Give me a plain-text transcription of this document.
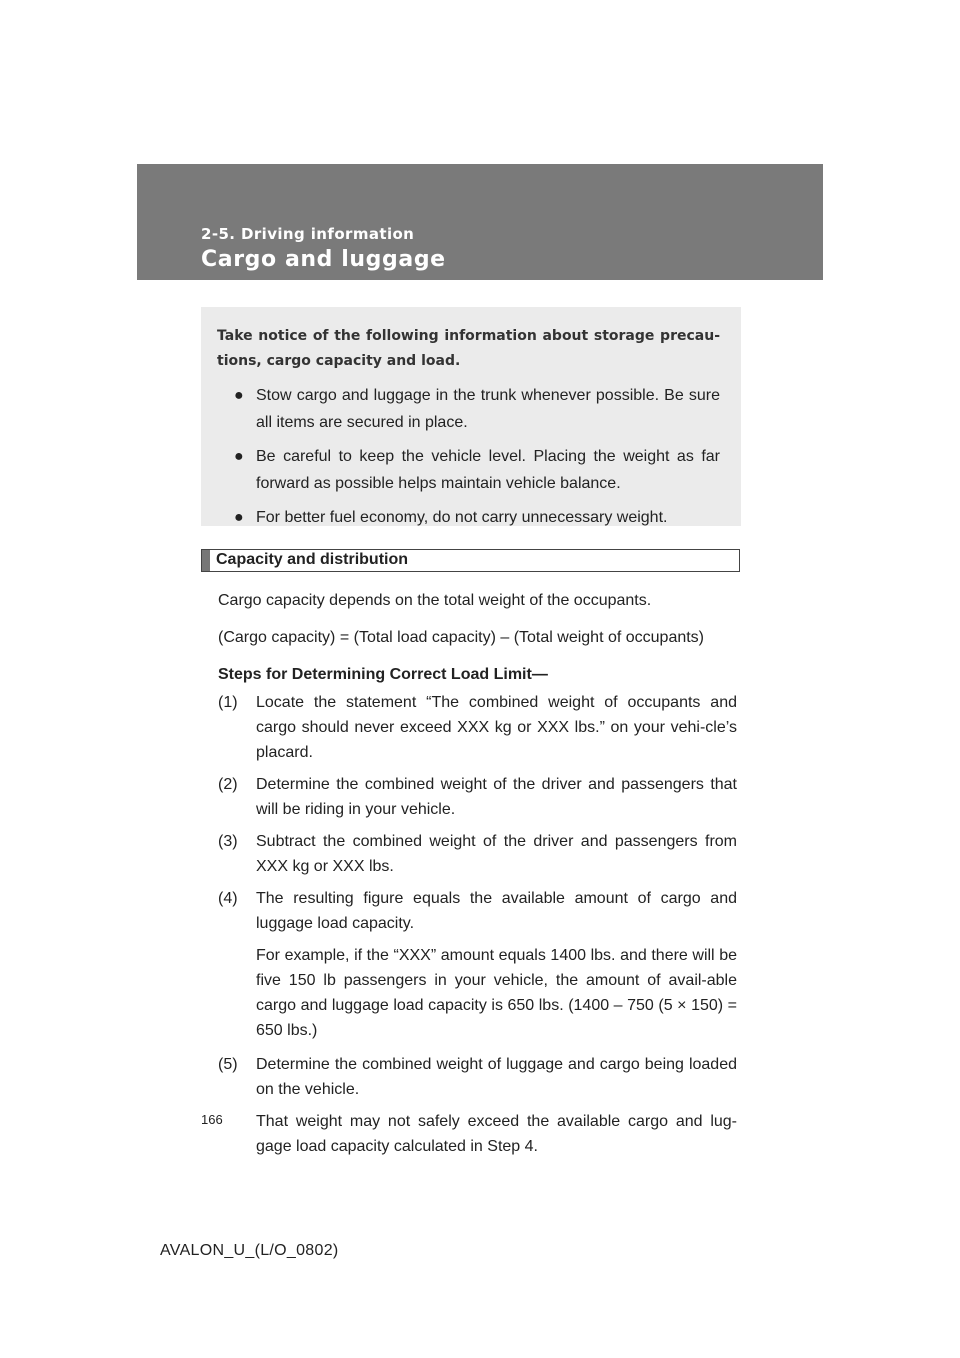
2-5. Driving information
Cargo and luggage

Take notice of the following information about storage precau-tions, cargo capacity and load.

● Stow cargo and luggage in the trunk whenever possible. Be sure all items are secured in place.
● Be careful to keep the vehicle level. Placing the weight as far forward as possible helps maintain vehicle balance.
● For better fuel economy, do not carry unnecessary weight.
Capacity and distribution

Cargo capacity depends on the total weight of the occupants.

(Cargo capacity) = (Total load capacity) – (Total weight of occupants)

Steps for Determining Correct Load Limit—

(1) Locate the statement “The combined weight of occupants and cargo should never exceed XXX kg or XXX lbs.” on your vehi-cle’s placard.
(2) Determine the combined weight of the driver and passengers that will be riding in your vehicle.
(3) Subtract the combined weight of the driver and passengers from XXX kg or XXX lbs.
(4) The resulting figure equals the available amount of cargo and luggage load capacity.

For example, if the “XXX” amount equals 1400 lbs. and there will be five 150 lb passengers in your vehicle, the amount of avail-able cargo and luggage load capacity is 650 lbs. (1400 – 750 (5 × 150) = 650 lbs.)

(5) Determine the combined weight of luggage and cargo being loaded on the vehicle.

That weight may not safely exceed the available cargo and lug-gage load capacity calculated in Step 4.

166
AVALON_U_(L/O_0802)
